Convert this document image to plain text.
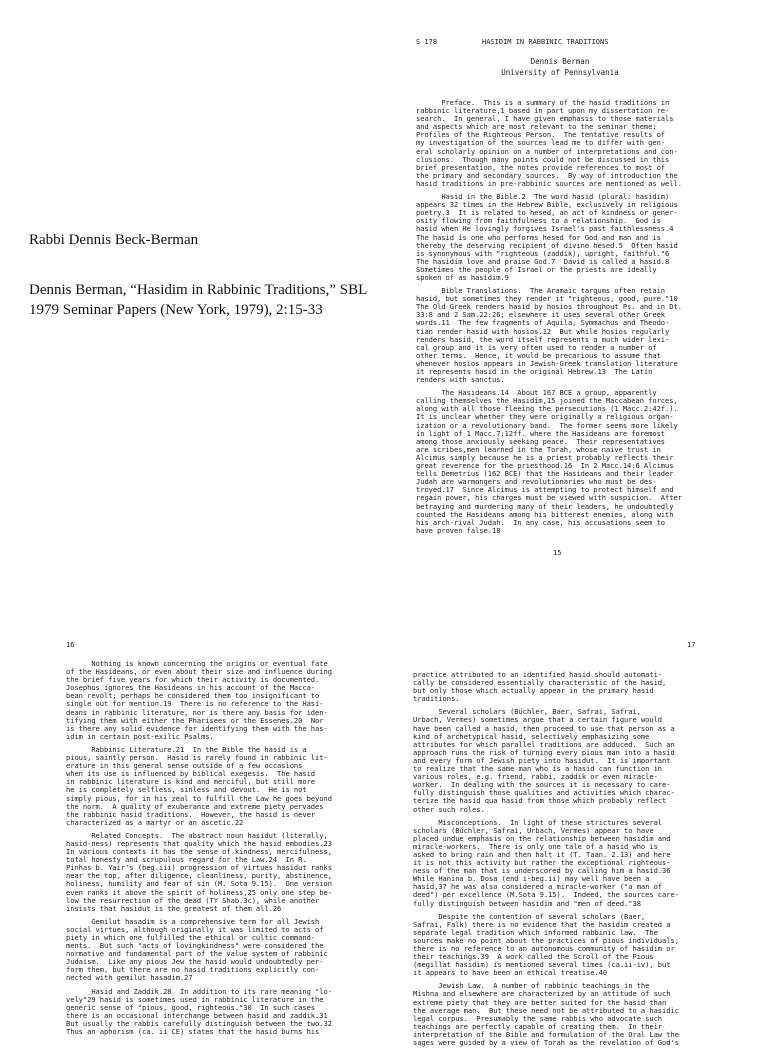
S 178	HASIDIM IN RABBINIC TRADITIONS
Dennis Berman
University of Pennsylvania
Preface.  This is a summary of the hasid traditions in
rabbinic literature,1 based in part upon my dissertation re-
search.  In general, I have given emphasis to those materials
and aspects which are most relevant to the seminar theme:
Profiles of the Righteous Person.  The tentative results of
my investigation of the sources lead me to differ with gen-
eral scholarly opinion on a number of interpretations and con-
clusions.  Though many points could not be discussed in this
brief presentation, the notes provide references to most of
the primary and secondary sources.  By way of introduction the
hasid traditions in pre-rabbinic sources are mentioned as well.
Hasid in the Bible.2  The word hasid (plural: hasidim)
appears 32 times in the Hebrew Bible, exclusively in religious
poetry.3  It is related to hesed, an act of kindness or gener-
osity flowing from faithfulness to a relationship.  God is
hasid when He lovingly forgives Israel's past faithlessness.4
The hasid is one who performs hesed for God and man and is
thereby the deserving recipient of divine hesed.5  Often hasid
is synonymous with "righteous (zaddik), upright, faithful."6
The hasidim love and praise God.7  David is called a hasid.8
Sometimes the people of Israel or the priests are ideally
spoken of as hasidim.9
Bible Translations.  The Aramaic targums often retain
hasid, but sometimes they render it "righteous, good, pure."10
The Old Greek renders hasid by hosios throughout Ps. and in Dt.
33:8 and 2 Sam.22:26; elsewhere it uses several other Greek
words.11  The few fragments of Aquila, Symmachus and Theodo-
tian render hasid with hosios.12  But while hosios regularly
renders hasid, the word itself represents a much wider lexi-
cal group and it is very often used to render a number of
other terms.  Hence, it would be precarious to assume that
whenever hosios appears in Jewish-Greek translation literature
it represents hasid in the original Hebrew.13  The Latin
renders with sanctus.
The Hasideans.14  About 167 BCE a group, apparently
calling themselves the Hasidim,15 joined the Maccabean forces,
along with all those fleeing the persecutions (1 Macc.2:42f.).
It is unclear whether they were originally a religious organ-
ization or a revolutionary band.  The former seems more likely
in light of 1 Macc.7:12ff. where the Hasideans are foremost
among those anxiously seeking peace.  Their representatives
are scribes,men learned in the Torah, whose naive trust in
Alcimus simply because he is a priest probably reflects their
great reverence for the priesthood.16  In 2 Macc.14:6 Alcimus
tells Demetrius (162 BCE) that the Hasideans and their leader
Judah are warmongers and revolutionaries who must be des-
troyed.17  Since Alcimus is attempting to protect himself and
regain power, his charges must be viewed with suspicion.  After
betraying and murdering many of their leaders, he undoubtedly
counted the Hasideans among his bitterest enemies, along with
his arch-rival Judah.  In any case, his accusations seem to
have proven false.18
15
Rabbi Dennis Beck-Berman
Dennis Berman, “Hasidim in Rabbinic Traditions,” SBL 1979 Seminar Papers (New York, 1979), 2:15-33
16
Nothing is known concerning the origins or eventual fate
of the Hasideans, or even about their size and influence during
the brief five years for which their activity is documented.
Josephus ignores the Hasideans in his account of the Macca-
bean revolt; perhaps he considered them too insignificant to
single out for mention.19  There is no reference to the Hasi-
deans in rabbinic literature, nor is there any basis for iden-
tifying them with either the Pharisees or the Essenes.20  Nor
is there any solid evidence for identifying them with the has-
idim in certain post-exilic Psalms.
Rabbinic Literature.21  In the Bible the hasid is a
pious, saintly person.  Hasid is rarely found in rabbinic lit-
erature in this general sense outside of a few occasions
when its use is influenced by biblical exegesis.  The hasid
in rabbinic literature is kind and merciful, but still more
he is completely selfless, sinless and devout.  He is not
simply pious, for in his zeal to fulfill the Law he goes beyond
the norm.  A quality of exuberance and extreme piety pervades
the rabbinic hasid traditions.  However, the hasid is never
characterized as a martyr or an ascetic.22
Related Concepts.  The abstract noun hasidut (literally,
hasid-ness) represents that quality which the hasid embodies.23
In various contexts it has the sense of kindness, mercifulness,
total honesty and scrupulous regard for the Law.24  In R.
Pinhas b. Yair's (beg.iii) progression of virtues hasidut ranks
near the top, after diligence, cleanliness, purity, abstinence,
holiness, humility and fear of sin (M. Sota 9.15).  One version
even ranks it above the spirit of holiness,25 only one step be-
low the resurrection of the dead (TY Shab.3c), while another
insists that hasidut is the greatest of them all.26
Gemilut hasadim is a comprehensive term for all Jewish
social virtues, although originally it was limited to acts of
piety in which one fulfilled the ethical or cultic command-
ments.  But such "acts of lovingkindness" were considered the
normative and fundamental part of the value system of rabbinic
Judaism.  Like any pious Jew the hasid would undoubtedly per-
form them, but there are no hasid traditions explicitly con-
nected with gemilut hasadim.27
Hasid and Zaddik.28  In addition to its rare meaning "lo-
vely"29 hasid is sometimes used in rabbinic literature in the
generic sense of "pious, good, righteous."30  In such cases
there is an occasional interchange between hasid and zaddik.31
But usually the rabbis carefully distinguish between the two.32
Thus an aphorism (ca. ii CE) states that the hasid burns his
17
practice attributed to an identified hasid should automati-
cally be considered essentially characteristic of the hasid,
but only those which actually appear in the primary hasid
traditions.
Several scholars (Büchler, Baer, Safrai, Safrai,
Urbach, Vermes) sometimes argue that a certain figure would
have been called a hasid, then proceed to use that person as a
kind of archetypical hasid, selectively emphasizing some
attributes for which parallel traditions are adduced.  Such an
approach runs the risk of turning every pious man into a hasid
and every form of Jewish piety into hasidut.  It is important
to realize that the same man who is a hasid can function in
various roles, e.g. friend, rabbi, zaddik or even miracle-
worker.  In dealing with the sources it is necessary to care-
fully distinguish those qualities and activities which charac-
terize the hasid qua hasid from those which probably reflect
other such roles.
Misconceptions.  In light of these strictures several
scholars (Büchler, Safrai, Urbach, Vermes) appear to have
placed undue emphasis on the relationship between hasidim and
miracle-workers.  There is only one tale of a hasid who is
asked to bring rain and then halt it (T. Taan. 2.13) and here
it is not this activity but rather the exceptional righteous-
ness of the man that is underscored by calling him a hasid.36
While Hanina b. Dosa (end i-beg.ii) may well have been a
hasid,37 he was also considered a miracle-worker ("a man of
deed") per excellence (M.Sota 9.15).  Indeed, the sources care-
fully distinguish between hasidim and "men of deed."38
Despite the contention of several scholars (Baer,
Safrai, Falk) there is no evidence that the hasidim created a
separate legal tradition which informed rabbinic law.  The
sources make no point about the practices of pious individuals;
there is no reference to an autonomous community of hasidim or
their teachings.39  A work called the Scroll of the Pious
(megillat hasidim) is mentioned several times (ca.ii-iv), but
it appears to have been an ethical treatise.40
Jewish Law.  A number of rabbinic teachings in the
Mishna and elsewhere are characterized by an attitude of such
extreme piety that they are better suited for the hasid than
the average man.  But these need not be attributed to a hasidic
legal corpus.  Presumably the same rabbis who advocate such
teachings are perfectly capable of creating them.  In their
interpretation of the Bible and formulation of the Oral Law the
sages were guided by a view of Torah as the revelation of God's
